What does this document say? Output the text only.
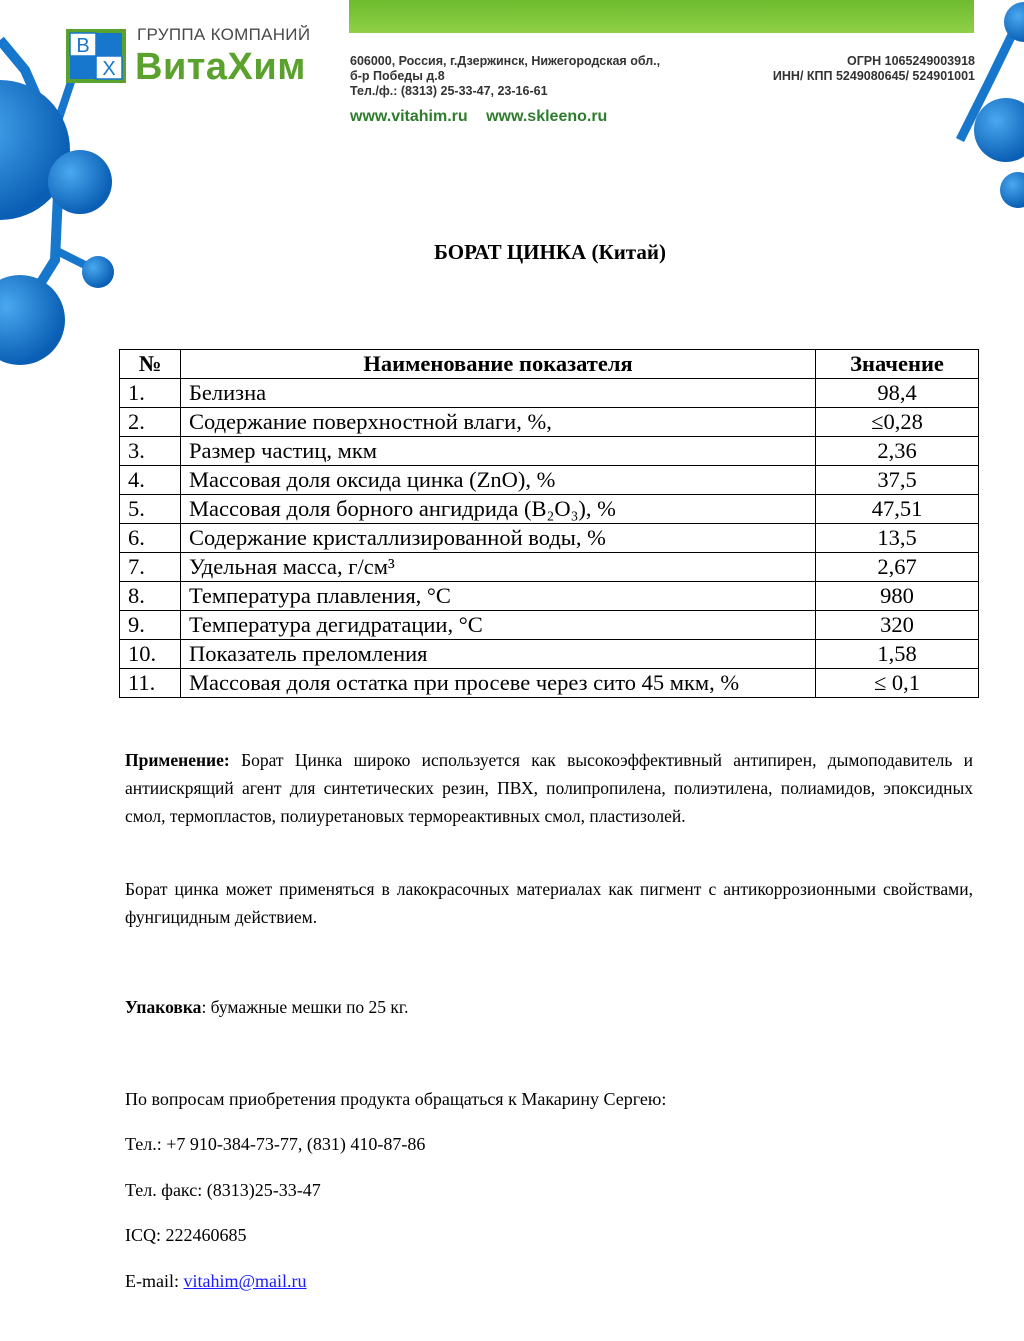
В
Х
ГРУППА КОМПАНИЙ
ВитаХим	606000, Россия, г.Дзержинск, Нижегородская обл.,
б-р Победы д.8
Тел./ф.: (8313) 25-33-47, 23-16-61
ОГРН 1065249003918
ИНН/ КПП 5249080645/ 524901001
www.vitahim.ru www.skleeno.ru
БОРАТ ЦИНКА (Китай)
№	Наименование показателя	Значение
1.	Белизна	98,4
2.	Содержание поверхностной влаги, %,	≤0,28
3.	Размер частиц, мкм	2,36
4.	Массовая доля оксида цинка (ZnO), %	37,5
5.	Массовая доля борного ангидрида (B₂O₃), %	47,51
6.	Содержание кристаллизированной воды, %	13,5
7.	Удельная масса, г/см³	2,67
8.	Температура плавления, °С	980
9.	Температура дегидратации, °С	320
10.	Показатель преломления	1,58
11.	Массовая доля остатка при просеве через сито 45 мкм, %	≤ 0,1
Применение: Борат Цинка широко используется как высокоэффективный антипирен, дымоподавитель и антиискрящий агент для синтетических резин, ПВХ, полипропилена, полиэтилена, полиамидов, эпоксидных смол, термопластов, полиуретановых термореактивных смол, пластизолей.
Борат цинка может применяться в лакокрасочных материалах как пигмент с антикоррозионными свойствами, фунгицидным действием.
Упаковка: бумажные мешки по 25 кг.
По вопросам приобретения продукта обращаться к Макарину Сергею:
Тел.: +7 910-384-73-77, (831) 410-87-86
Тел. факс: (8313)25-33-47
ICQ: 222460685
E-mail: vitahim@mail.ru
